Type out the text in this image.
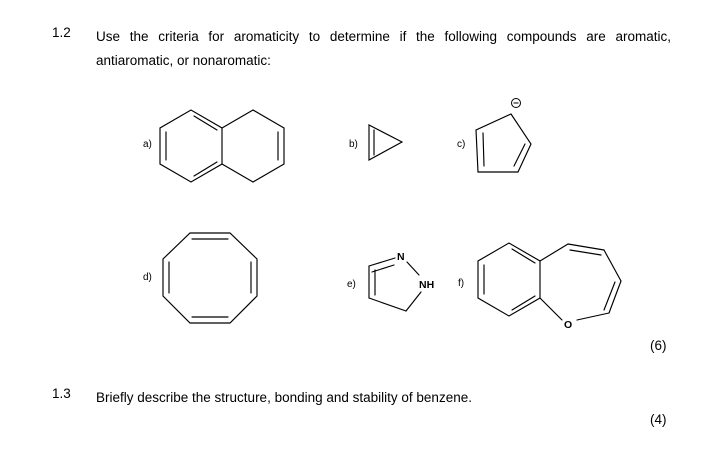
1.2 Use the criteria for aromaticity to determine if the following compounds are aromatic,
antiaromatic, or nonaromatic:
a)	b)	c)
d)
e)
N
NH f)
O
(6)
1.3 Briefly describe the structure, bonding and stability of benzene.
(4)
